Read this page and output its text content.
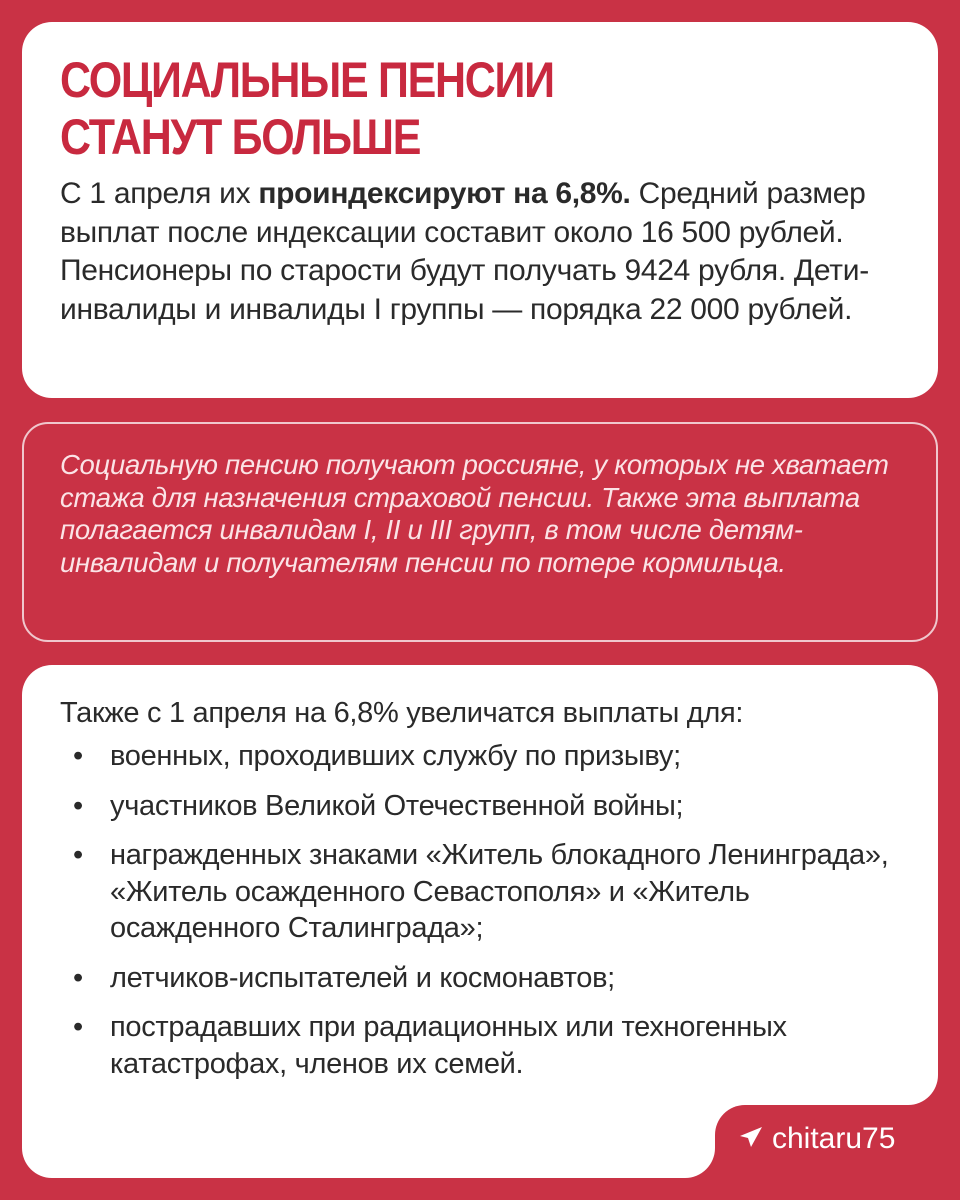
СОЦИАЛЬНЫЕ ПЕНСИИ
СТАНУТ БОЛЬШЕ
С 1 апреля их проиндексируют на 6,8%. Средний размер выплат после индексации составит около 16 500 рублей. Пенсионеры по старости будут получать 9424 рубля. Дети-инвалиды и инвалиды I группы — порядка 22 000 рублей.
Социальную пенсию получают россияне, у которых не хватает стажа для назначения страховой пенсии. Также эта выплата полагается инвалидам I, II и III групп, в том числе детям-инвалидам и получателям пенсии по потере кормильца.
Также с 1 апреля на 6,8% увеличатся выплаты для:
• военных, проходивших службу по призыву;
• участников Великой Отечественной войны;
• награжденных знаками «Житель блокадного Ленинграда», «Житель осажденного Севастополя» и «Житель осажденного Сталинграда»;
• летчиков-испытателей и космонавтов;
• пострадавших при радиационных или техногенных катастрофах, членов их семей.
chitaru75
